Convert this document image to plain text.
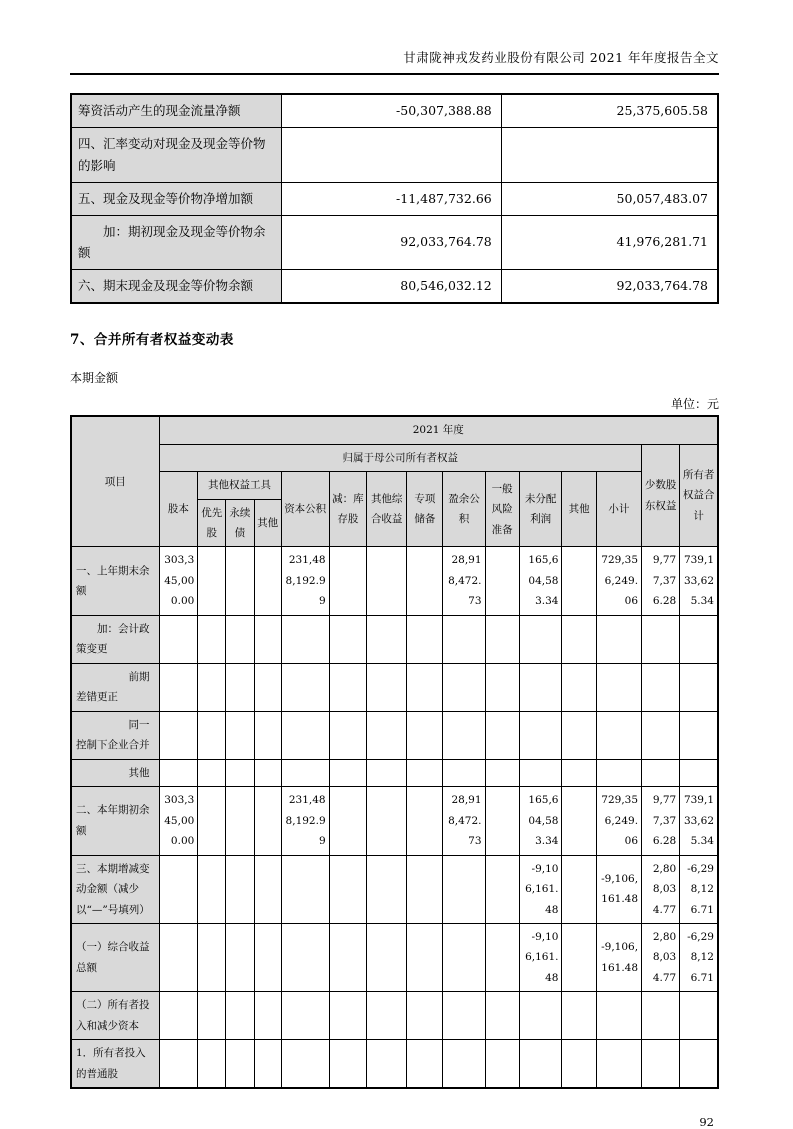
甘肃陇神戎发药业股份有限公司 2021 年年度报告全文
筹资活动产生的现金流量净额	-50,307,388.88	25,375,605.58
四、汇率变动对现金及现金等价物的影响		
五、现金及现金等价物净增加额	-11,487,732.66	50,057,483.07
　　加：期初现金及现金等价物余额	92,033,764.78	41,976,281.71
六、期末现金及现金等价物余额	80,546,032.12	92,033,764.78
7、合并所有者权益变动表
本期金额
单位：元
项目	2021 年度														
	归属于母公司所有者权益													少数股东权益	所有者权益合计
	股本	其他权益工具			资本公积	减：库存股	其他综合收益	专项储备	盈余公积	一般风险准备	未分配利润	其他	小计		
		优先股	永续债	其他											
一、上年期末余额	303,345,000.00				231,488,192.99				28,918,472.73		165,604,583.34		729,356,249.06	9,777,376.28	739,133,625.34
　　加：会计政策变更															
　　　　　前期差错更正															
　　　　　同一控制下企业合并															
　　　　　其他															
二、本年期初余额	303,345,000.00				231,488,192.99				28,918,472.73		165,604,583.34		729,356,249.06	9,777,376.28	739,133,625.34
三、本期增减变动金额（减少以“—”号填列）											-9,106,161.48		-9,106,161.48	2,808,034.77	-6,298,126.71
（一）综合收益总额											-9,106,161.48		-9,106,161.48	2,808,034.77	-6,298,126.71
（二）所有者投入和减少资本															
1．所有者投入的普通股															
92
